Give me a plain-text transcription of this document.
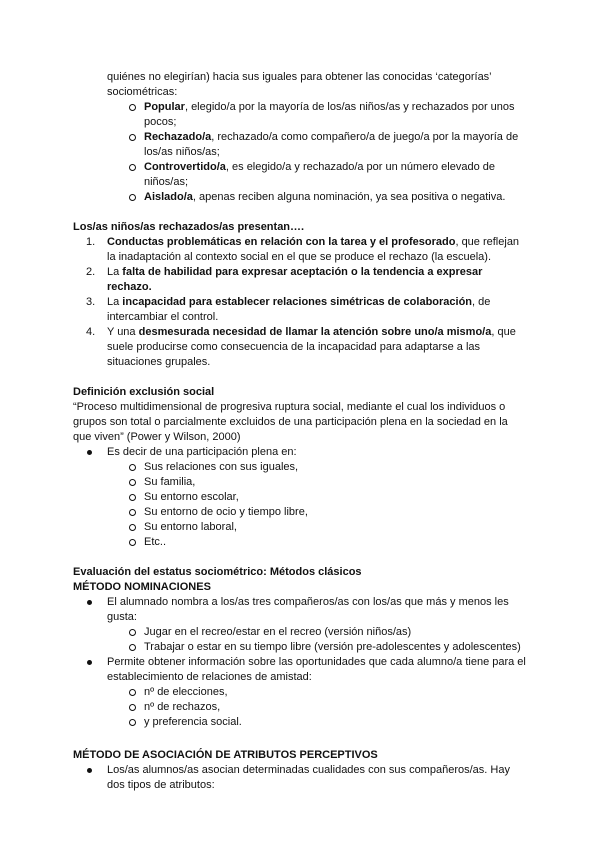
quiénes no elegirían) hacia sus iguales para obtener las conocidas ‘categorías’ sociométricas:

Popular, elegido/a por la mayoría de los/as niños/as y rechazados por unos pocos;
Rechazado/a, rechazado/a como compañero/a de juego/a por la mayoría de los/as niños/as;
Controvertido/a, es elegido/a y rechazado/a por un número elevado de niños/as;
Aislado/a, apenas reciben alguna nominación, ya sea positiva o negativa.

Los/as niños/as rechazados/as presentan….

1.	Conductas problemáticas en relación con la tarea y el profesorado, que reflejan la inadaptación al contexto social en el que se produce el rechazo (la escuela).
2.	La falta de habilidad para expresar aceptación o la tendencia a expresar rechazo.
3.	La incapacidad para establecer relaciones simétricas de colaboración, de intercambiar el control.
4.	Y una desmesurada necesidad de llamar la atención sobre uno/a mismo/a, que suele producirse como consecuencia de la incapacidad para adaptarse a las situaciones grupales.

Definición exclusión social

“Proceso multidimensional de progresiva ruptura social, mediante el cual los individuos o grupos son total o parcialmente excluidos de una participación plena en la sociedad en la que viven” (Power y Wilson, 2000)

Es decir de una participación plena en:
Sus relaciones con sus iguales,
Su familia,
Su entorno escolar,
Su entorno de ocio y tiempo libre,
Su entorno laboral,
Etc..

Evaluación del estatus sociométrico: Métodos clásicos

MÉTODO NOMINACIONES

El alumnado nombra a los/as tres compañeros/as con los/as que más y menos les gusta:
Jugar en el recreo/estar en el recreo (versión niños/as)
Trabajar o estar en su tiempo libre (versión pre-adolescentes y adolescentes)
Permite obtener información sobre las oportunidades que cada alumno/a tiene para el establecimiento de relaciones de amistad:
nº de elecciones,
nº de rechazos,
y preferencia social.

MÉTODO DE ASOCIACIÓN DE ATRIBUTOS PERCEPTIVOS

Los/as alumnos/as asocian determinadas cualidades con sus compañeros/as. Hay dos tipos de atributos:
